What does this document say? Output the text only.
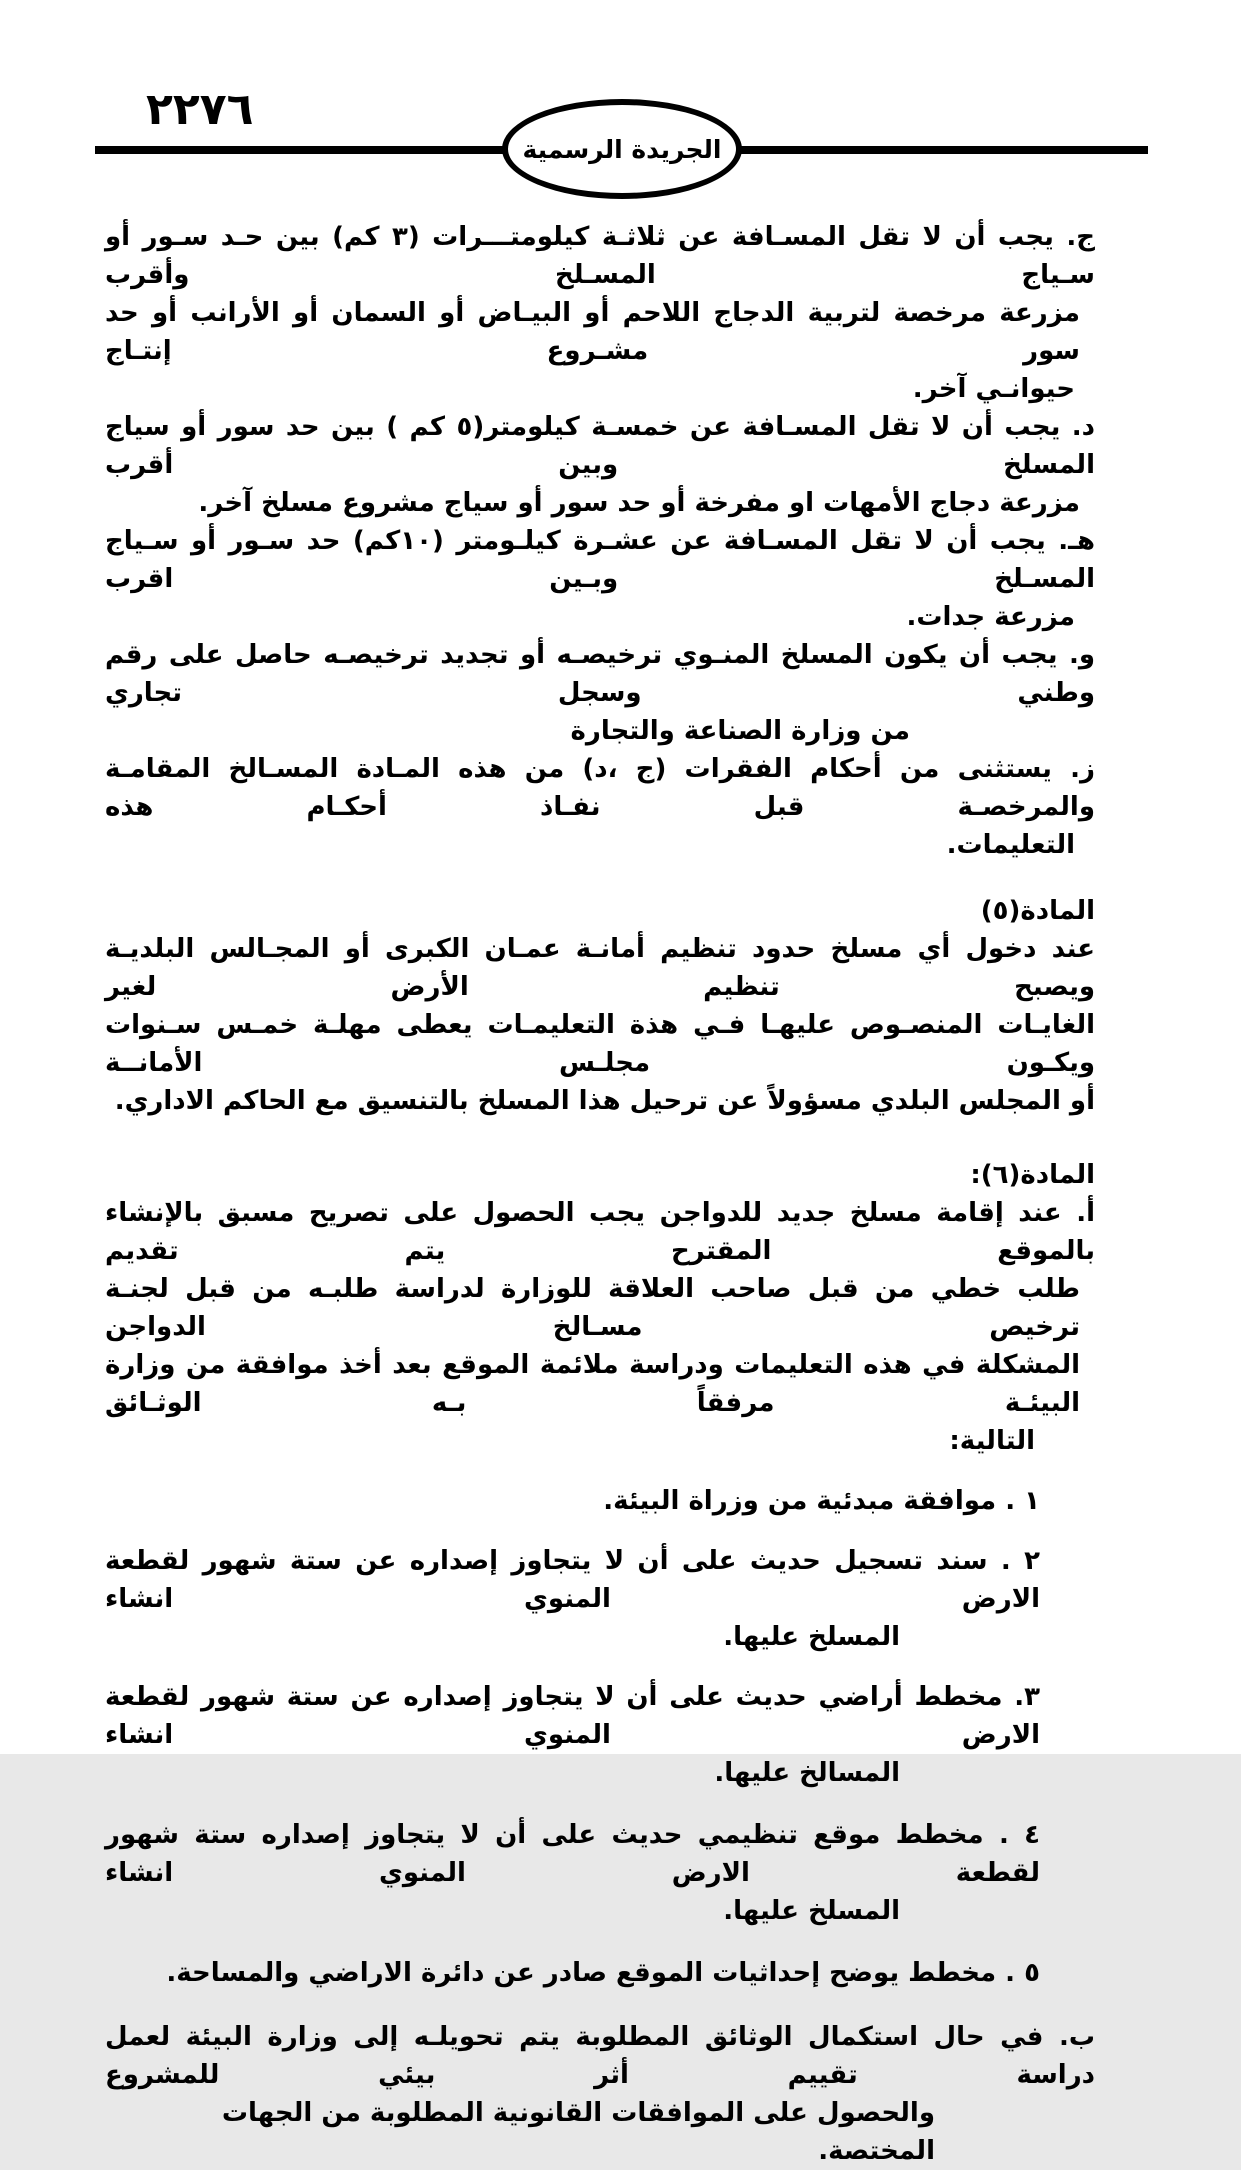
٢٢٧٦
الجريدة الرسمية
ج. يجب أن لا تقل المسـافة عن ثلاثـة كيلومتـــرات (٣ كم) بين حـد سـور أو سـياج المسـلخ وأقرب
مزرعة مرخصة لتربية الدجاج اللاحم أو البيـاض أو السمان أو الأرانب أو حد سور مشـروع إنتـاج
حيوانـي آخر.
د. يجب أن لا تقل المسـافة عن خمسـة كيلومتر(٥ كم ) بين حد سور أو سياج المسلخ وبين أقرب
مزرعة دجاج الأمهات او مفرخة أو حد سور أو سياج مشروع مسلخ آخر.
هـ. يجب أن لا تقل المسـافة عن عشـرة كيلـومتر (١٠كم) حد سـور أو سـياج المسـلخ وبـين اقرب
مزرعة جدات.
و. يجب أن يكون المسلخ المنـوي ترخيصـه أو تجديد ترخيصـه حاصل على رقم وطني وسجل تجاري
من وزارة الصناعة والتجارة
ز. يستثنى من أحكام الفقرات (ج ،د) من هذه المـادة المسـالخ المقامـة والمرخصـة قبل نفـاذ أحكـام هذه
التعليمات.
المادة(٥)
عند دخول أي مسلخ حدود تنظيم أمانـة عمـان الكبرى أو المجـالس البلديـة ويصبح تنظيم الأرض لغير
الغايـات المنصـوص عليهـا فـي هذة التعليمـات يعطى مهلـة خمـس سـنوات ويكـون مجلـس الأمانــة
أو المجلس البلدي مسؤولاً عن ترحيل هذا المسلخ بالتنسيق مع الحاكم الاداري.
المادة(٦):
أ. عند إقامة مسلخ جديد للدواجن يجب الحصول على تصريح مسبق بالإنشاء بالموقع المقترح يتم تقديم
طلب خطي من قبل صاحب العلاقة للوزارة لدراسة طلبـه من قبل لجنـة ترخيص مسـالخ الدواجن
المشكلة في هذه التعليمات ودراسة ملائمة الموقع بعد أخذ موافقة من وزارة البيئـة مرفقاً بـه الوثـائق
التالية:
١ . موافقة مبدئية من وزراة البيئة.
٢ . سند تسجيل حديث على أن لا يتجاوز إصداره عن ستة شهور لقطعة الارض المنوي انشاء
المسلخ عليها.
٣. مخطط أراضي حديث على أن لا يتجاوز إصداره عن ستة شهور لقطعة الارض المنوي انشاء
المسالخ عليها.
٤ . مخطط موقع تنظيمي حديث على أن لا يتجاوز إصداره ستة شهور لقطعة الارض المنوي انشاء
المسلخ عليها.
٥ . مخطط يوضح إحداثيات الموقع صادر عن دائرة الاراضي والمساحة.
ب. في حال استكمال الوثائق المطلوبة يتم تحويلـه إلى وزارة البيئة لعمل دراسة تقييم أثر بيئي للمشروع
والحصول على الموافقات القانونية المطلوبة من الجهات المختصة.
